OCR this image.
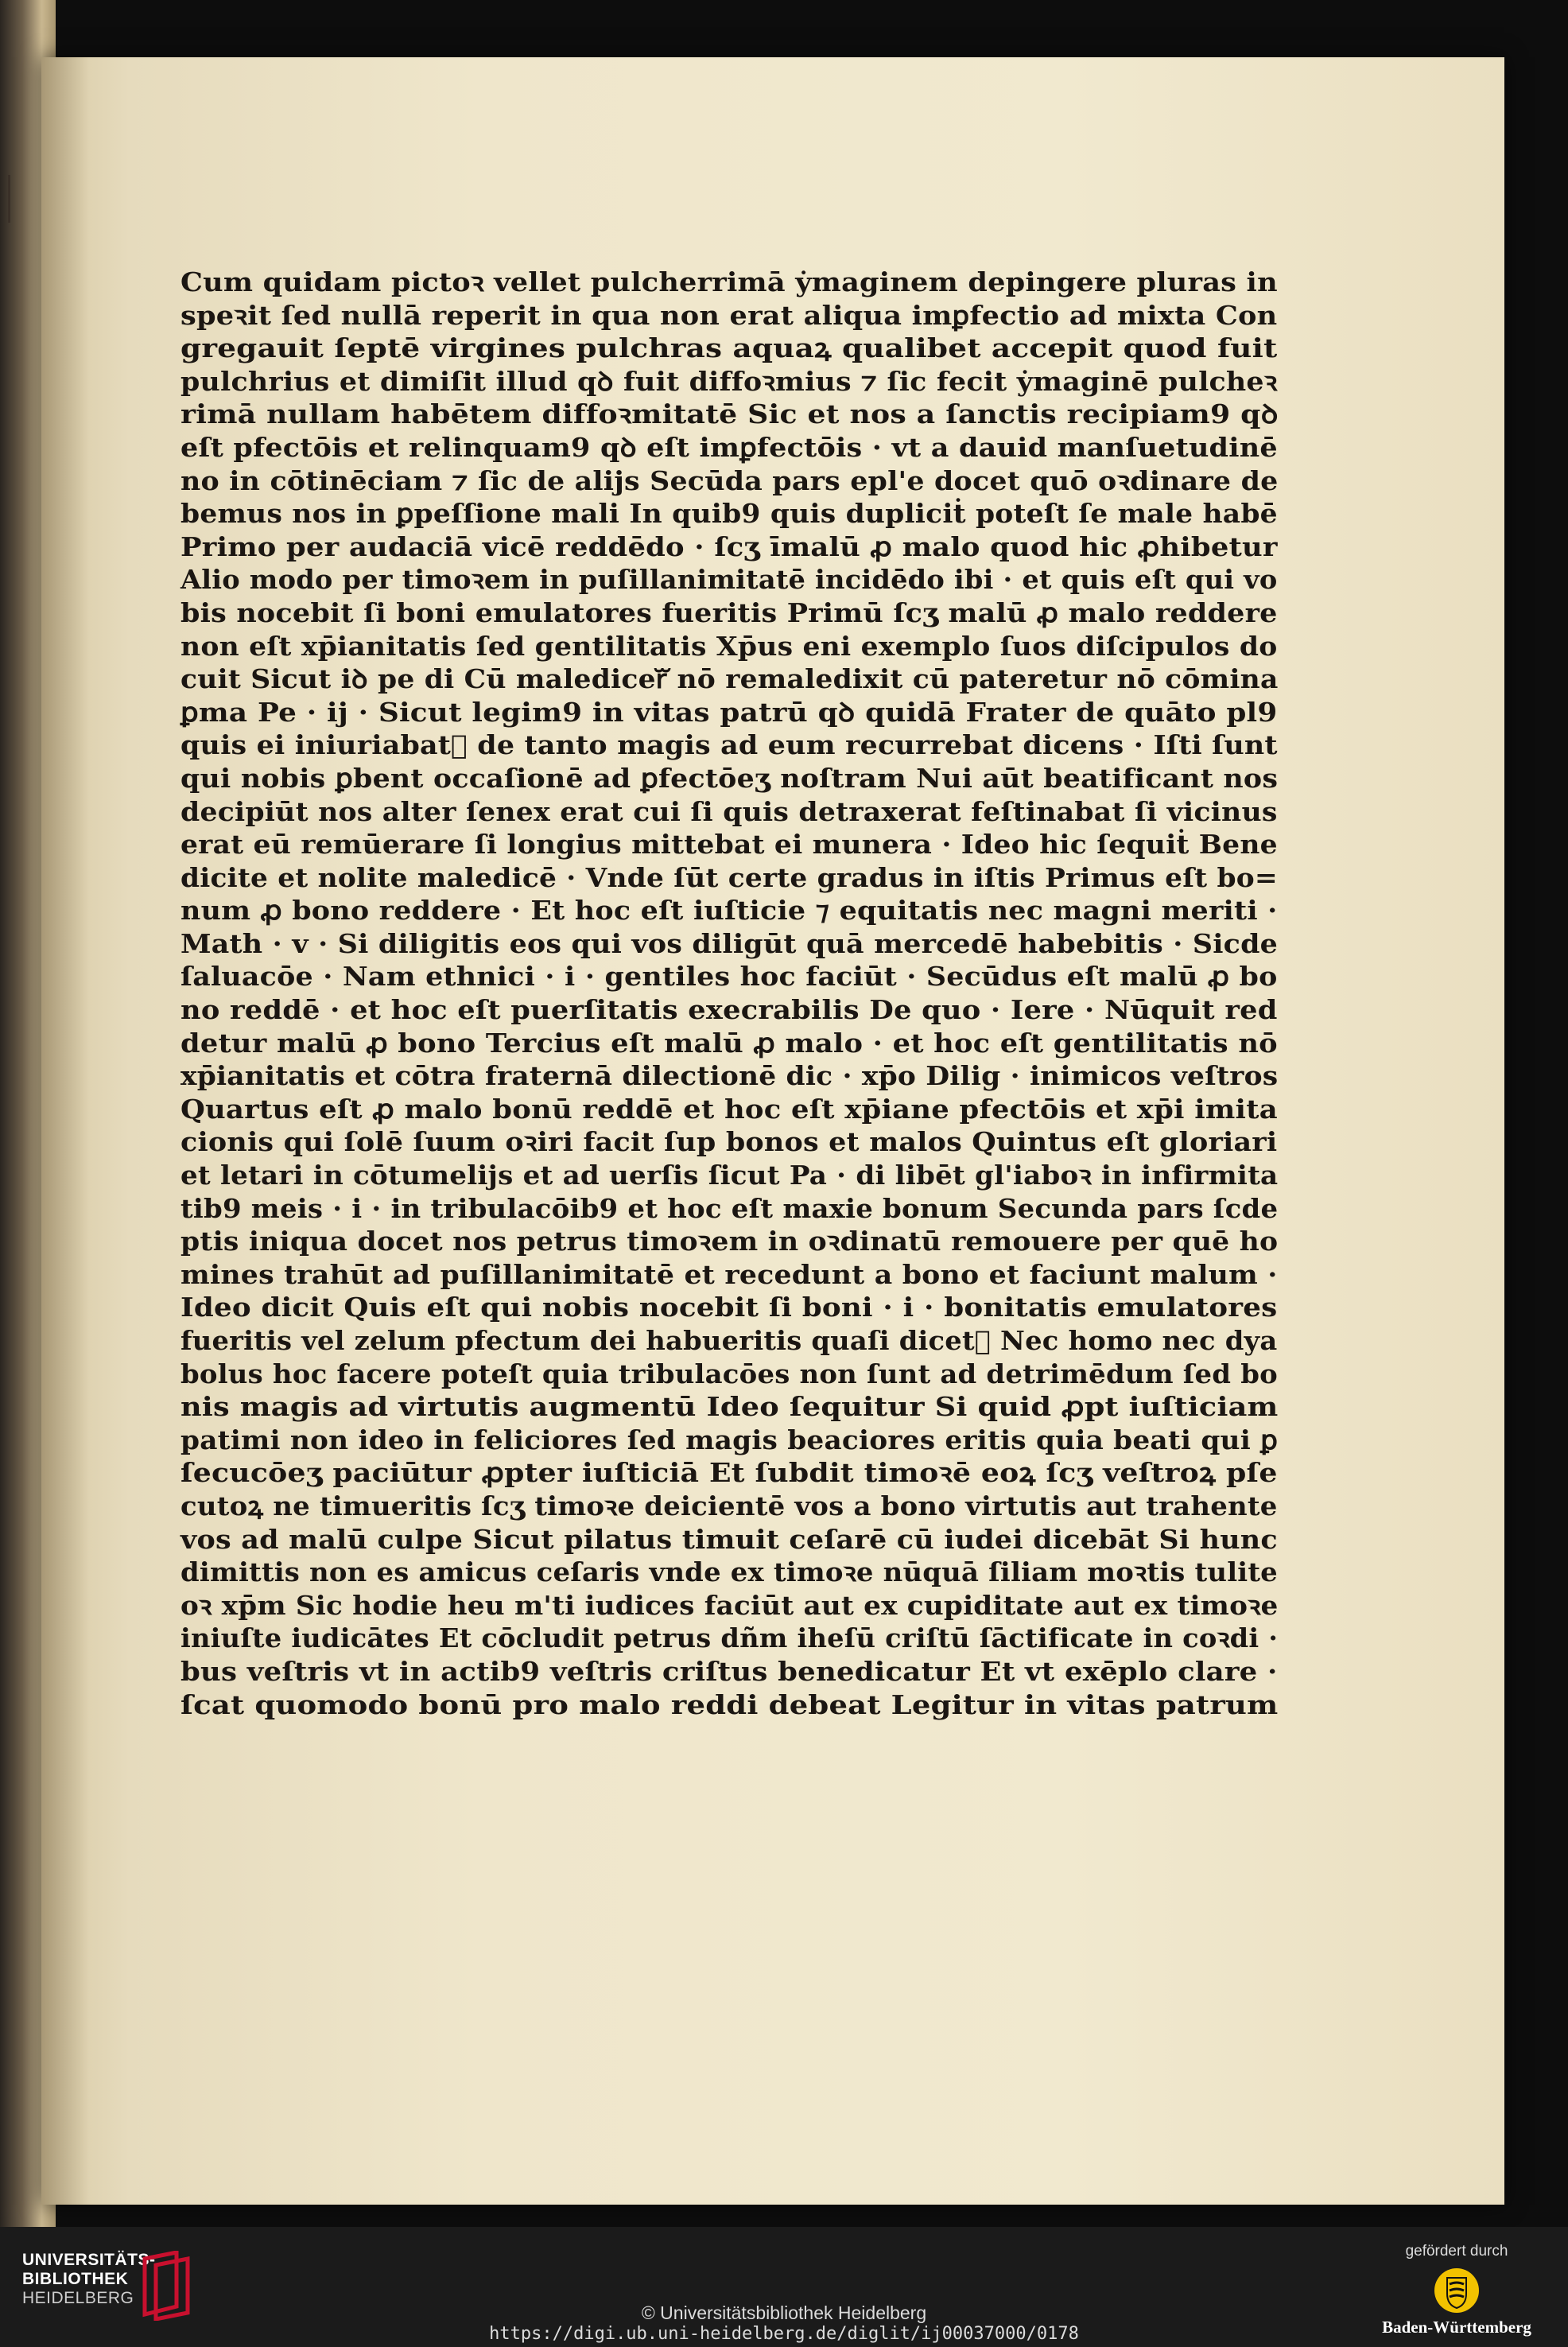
Cum quidam pictoꝛ vellet pulcherrimā ẏmaginem depingere pluras in
speꝛit ſed nullā reperit in qua non erat aliqua imꝑfectio ad mixta Con
gregauit ſeptē virgines pulchras aquaꝝ qualibet accepit quod fuit
pulchrius et dimiſit illud qꝺ fuit diffoꝛmius ⁊ ſic fecit ẏmaginē pulcheꝛ
rimā nullam habētem diffoꝛmitatē Sic et nos a ſanctis recipiam9 qꝺ
eſt pfectōis et relinquam9 qꝺ eſt imꝑfectōis · vt a dauid manſuetudinē
no in cōtinēciam ⁊ ſic de alijs Secūda pars epl'e docet quō oꝛdinare de
bemus nos in ꝑpeſſione mali In quib9 quis dupliciṫ poteſt ſe male habē
Primo per audaciā vicē reddēdo · ſcʒ īmalū ꝓ malo quod hic ꝓhibetur
Alio modo per timoꝛem in puſillanimitatē incidēdo ibi · et quis eſt qui vo
bis nocebit ſi boni emulatores fueritis Primū ſcʒ malū ꝓ malo reddere
non eſt xp̄ianitatis ſed gentilitatis Xp̄us eni exemplo ſuos diſcipulos do
cuit Sicut iꝺ pe di Cū maledicerᷓ nō remaledixit cū pateretur nō cōmina
ꝑma Pe · ij · Sicut legim9 in vitas patrū qꝺ quidā Frater de quāto pl9
quis ei iniuriabatᷓ de tanto magis ad eum recurrebat dicens · Iſti ſunt
qui nobis ꝑbent occaſionē ad ꝑfectōeʒ noſtram Nui aūt beatificant nos
decipiūt nos alter ſenex erat cui ſi quis detraxerat feſtinabat ſi vicinus
erat eū remūerare ſi longius mittebat ei munera · Ideo hic ſequiṫ Bene
dicite et nolite maledicē · Vnde ſūt certe gradus in iſtis Primus eſt bo=
num ꝓ bono reddere · Et hoc eſt iuſticie ⁊ equitatis nec magni meriti ·
Math · v · Si diligitis eos qui vos diligūt quā mercedē habebitis · Sicde
ſaluacōe · Nam ethnici · i · gentiles hoc faciūt · Secūdus eſt malū ꝓ bo
no reddē · et hoc eſt puerſitatis execrabilis De quo · Iere · Nūquit red
detur malū ꝓ bono Tercius eſt malū ꝓ malo · et hoc eſt gentilitatis nō
xp̄ianitatis et cōtra fraternā dilectionē dic · xp̄o Dilig · inimicos veſtros
Quartus eſt ꝓ malo bonū reddē et hoc eſt xp̄iane pfectōis et xp̄i imita
cionis qui ſolē ſuum oꝛiri facit ſup bonos et malos Quintus eſt gloriari
et letari in cōtumelijs et ad uerſis ſicut Pa · di libēt gl'iaboꝛ in infirmita
tib9 meis · i · in tribulacōib9 et hoc eſt maxie bonum Secunda pars ſcde
ptis iniqua docet nos petrus timoꝛem in oꝛdinatū remouere per quē ho
mines trahūt ad puſillanimitatē et recedunt a bono et faciunt malum ·
Ideo dicit Quis eſt qui nobis nocebit ſi boni · i · bonitatis emulatores
fueritis vel zelum pfectum dei habueritis quaſi dicetᷓ Nec homo nec dya
bolus hoc facere poteſt quia tribulacōes non ſunt ad detrimēdum ſed bo
nis magis ad virtutis augmentū Ideo ſequitur Si quid ꝓpt iuſticiam
patimi non ideo in feliciores ſed magis beaciores eritis quia beati qui ꝑ
ſecucōeʒ paciūtur ꝓpter iuſticiā Et ſubdit timoꝛē eoꝝ ſcʒ veſtroꝝ pſe
cutoꝝ ne timueritis ſcʒ timoꝛe deicientē vos a bono virtutis aut trahente
vos ad malū culpe Sicut pilatus timuit ceſarē cū iudei dicebāt Si hunc
dimittis non es amicus ceſaris vnde ex timoꝛe nūquā ſiliam moꝛtis tulite
oꝛ xp̄m Sic hodie heu m'ti iudices faciūt aut ex cupiditate aut ex timoꝛe
iniuſte iudicātes Et cōcludit petrus dñm iheſū criſtū ſāctificate in coꝛdi ·
bus veſtris vt in actib9 veſtris criſtus benedicatur Et vt exēplo clare ·
ſcat quomodo bonū pro malo reddi debeat Legitur in vitas patrum
UNIVERSITÄTS-
BIBLIOTHEK
HEIDELBERG
© Universitätsbibliothek Heidelberg
https://digi.ub.uni-heidelberg.de/diglit/ij00037000/0178
gefördert durch
Baden-Württemberg
